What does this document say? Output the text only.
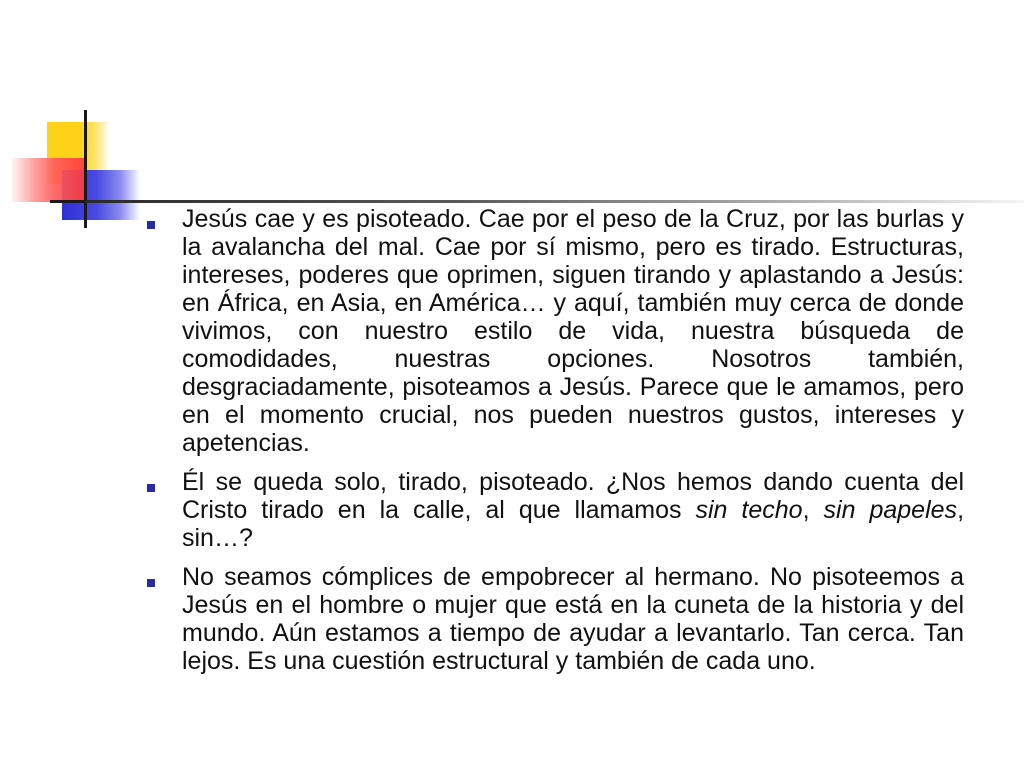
Jesús cae y es pisoteado. Cae por el peso de la Cruz, por las burlas y la avalancha del mal. Cae por sí mismo, pero es tirado. Estructuras, intereses, poderes que oprimen, siguen tirando y aplastando a Jesús: en África, en Asia, en América… y aquí, también muy cerca de donde vivimos, con nuestro estilo de vida, nuestra búsqueda de comodidades, nuestras opciones. Nosotros también, desgraciadamente, pisoteamos a Jesús. Parece que le amamos, pero en el momento crucial, nos pueden nuestros gustos, intereses y apetencias.

Él se queda solo, tirado, pisoteado. ¿Nos hemos dando cuenta del Cristo tirado en la calle, al que llamamos sin techo, sin papeles, sin…?

No seamos cómplices de empobrecer al hermano. No pisoteemos a Jesús en el hombre o mujer que está en la cuneta de la historia y del mundo. Aún estamos a tiempo de ayudar a levantarlo. Tan cerca. Tan lejos. Es una cuestión estructural y también de cada uno.
